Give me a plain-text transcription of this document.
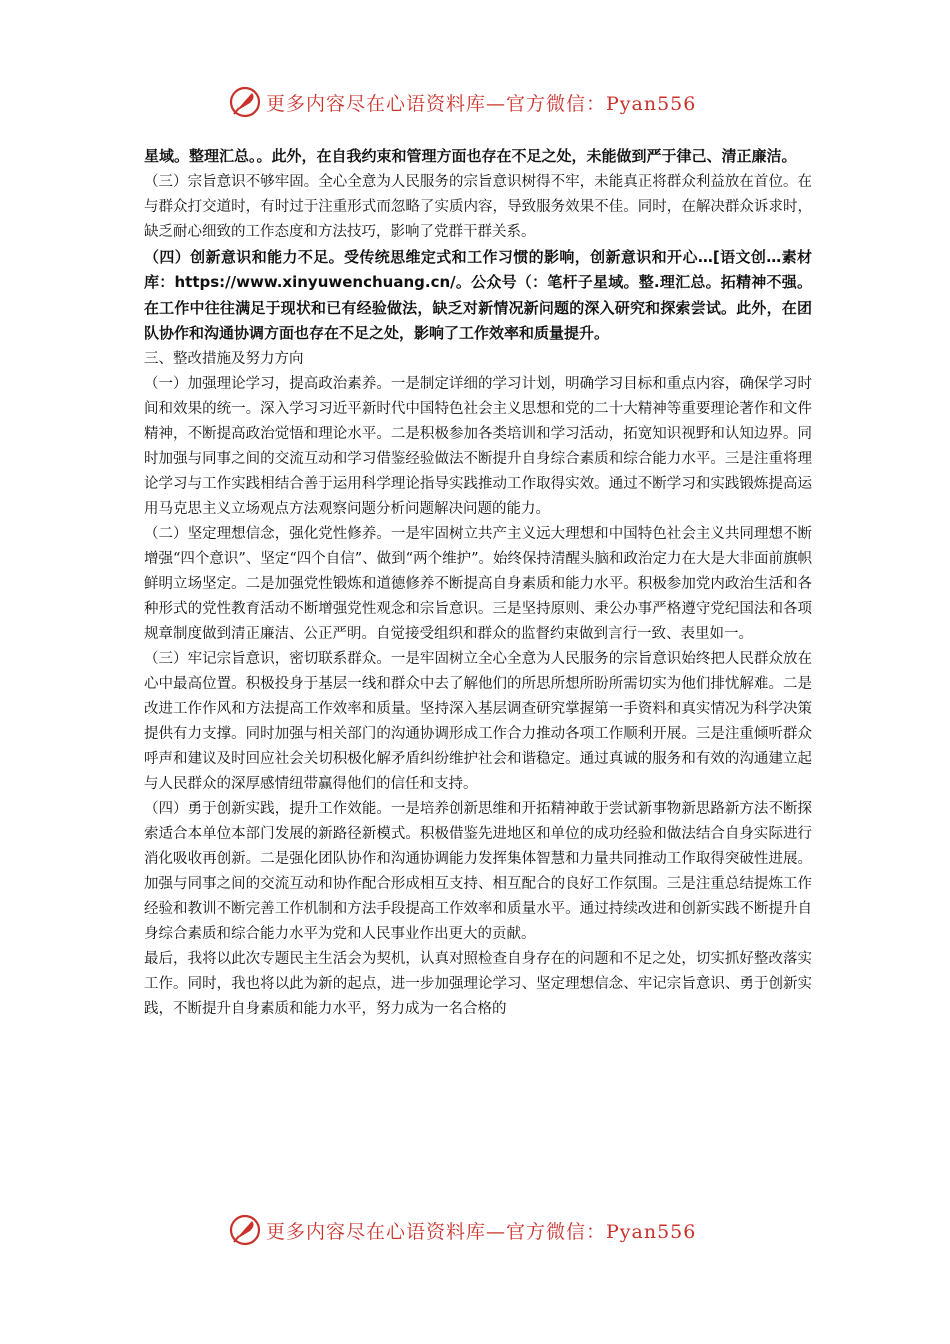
更多内容尽在心语资料库—官方微信：Pyan556

星域。整理汇总。。此外，在自我约束和管理方面也存在不足之处，未能做到严于律己、清正廉洁。

（三）宗旨意识不够牢固。全心全意为人民服务的宗旨意识树得不牢，未能真正将群众利益放在首位。在与群众打交道时，有时过于注重形式而忽略了实质内容，导致服务效果不佳。同时，在解决群众诉求时，缺乏耐心细致的工作态度和方法技巧，影响了党群干群关系。

（四）创新意识和能力不足。受传统思维定式和工作习惯的影响，创新意识和开心…[语文创…素材库：https://www.xinyuwenchuang.cn/。公众号（：笔杆子星域。整.理汇总。拓精神不强。在工作中往往满足于现状和已有经验做法，缺乏对新情况新问题的深入研究和探索尝试。此外，在团队协作和沟通协调方面也存在不足之处，影响了工作效率和质量提升。

三、整改措施及努力方向

（一）加强理论学习，提高政治素养。一是制定详细的学习计划，明确学习目标和重点内容，确保学习时间和效果的统一。深入学习习近平新时代中国特色社会主义思想和党的二十大精神等重要理论著作和文件精神，不断提高政治觉悟和理论水平。二是积极参加各类培训和学习活动，拓宽知识视野和认知边界。同时加强与同事之间的交流互动和学习借鉴经验做法不断提升自身综合素质和综合能力水平。三是注重将理论学习与工作实践相结合善于运用科学理论指导实践推动工作取得实效。通过不断学习和实践锻炼提高运用马克思主义立场观点方法观察问题分析问题解决问题的能力。

（二）坚定理想信念，强化党性修养。一是牢固树立共产主义远大理想和中国特色社会主义共同理想不断增强“四个意识”、坚定“四个自信”、做到“两个维护”。始终保持清醒头脑和政治定力在大是大非面前旗帜鲜明立场坚定。二是加强党性锻炼和道德修养不断提高自身素质和能力水平。积极参加党内政治生活和各种形式的党性教育活动不断增强党性观念和宗旨意识。三是坚持原则、秉公办事严格遵守党纪国法和各项规章制度做到清正廉洁、公正严明。自觉接受组织和群众的监督约束做到言行一致、表里如一。

（三）牢记宗旨意识，密切联系群众。一是牢固树立全心全意为人民服务的宗旨意识始终把人民群众放在心中最高位置。积极投身于基层一线和群众中去了解他们的所思所想所盼所需切实为他们排忧解难。二是改进工作作风和方法提高工作效率和质量。坚持深入基层调查研究掌握第一手资料和真实情况为科学决策提供有力支撑。同时加强与相关部门的沟通协调形成工作合力推动各项工作顺利开展。三是注重倾听群众呼声和建议及时回应社会关切积极化解矛盾纠纷维护社会和谐稳定。通过真诚的服务和有效的沟通建立起与人民群众的深厚感情纽带赢得他们的信任和支持。

（四）勇于创新实践，提升工作效能。一是培养创新思维和开拓精神敢于尝试新事物新思路新方法不断探索适合本单位本部门发展的新路径新模式。积极借鉴先进地区和单位的成功经验和做法结合自身实际进行消化吸收再创新。二是强化团队协作和沟通协调能力发挥集体智慧和力量共同推动工作取得突破性进展。加强与同事之间的交流互动和协作配合形成相互支持、相互配合的良好工作氛围。三是注重总结提炼工作经验和教训不断完善工作机制和方法手段提高工作效率和质量水平。通过持续改进和创新实践不断提升自身综合素质和综合能力水平为党和人民事业作出更大的贡献。

最后，我将以此次专题民主生活会为契机，认真对照检查自身存在的问题和不足之处，切实抓好整改落实工作。同时，我也将以此为新的起点，进一步加强理论学习、坚定理想信念、牢记宗旨意识、勇于创新实践，不断提升自身素质和能力水平，努力成为一名合格的

更多内容尽在心语资料库—官方微信：Pyan556
